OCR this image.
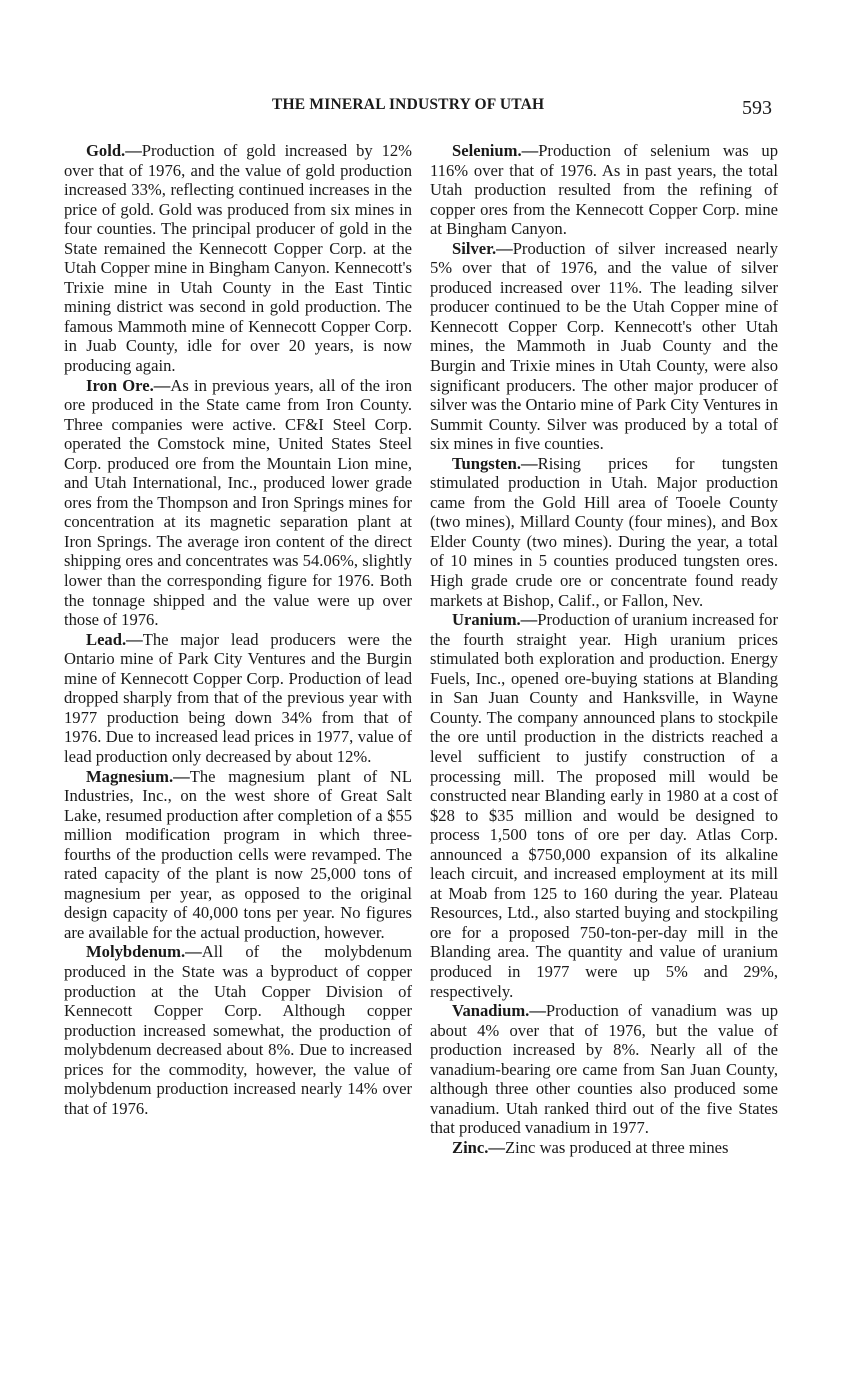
THE MINERAL INDUSTRY OF UTAH	593

Gold.—Production of gold increased by 12% over that of 1976, and the value of gold production increased 33%, reflecting continued increases in the price of gold. Gold was produced from six mines in four counties. The principal producer of gold in the State remained the Kennecott Copper Corp. at the Utah Copper mine in Bingham Canyon. Kennecott's Trixie mine in Utah County in the East Tintic mining district was second in gold production. The famous Mammoth mine of Kennecott Copper Corp. in Juab County, idle for over 20 years, is now producing again.

Iron Ore.—As in previous years, all of the iron ore produced in the State came from Iron County. Three companies were active. CF&I Steel Corp. operated the Comstock mine, United States Steel Corp. produced ore from the Mountain Lion mine, and Utah International, Inc., produced lower grade ores from the Thompson and Iron Springs mines for concentration at its magnetic separation plant at Iron Springs. The average iron content of the direct shipping ores and concentrates was 54.06%, slightly lower than the corresponding figure for 1976. Both the tonnage shipped and the value were up over those of 1976.

Lead.—The major lead producers were the Ontario mine of Park City Ventures and the Burgin mine of Kennecott Copper Corp. Production of lead dropped sharply from that of the previous year with 1977 production being down 34% from that of 1976. Due to increased lead prices in 1977, value of lead production only decreased by about 12%.

Magnesium.—The magnesium plant of NL Industries, Inc., on the west shore of Great Salt Lake, resumed production after completion of a $55 million modification program in which three-fourths of the production cells were revamped. The rated capacity of the plant is now 25,000 tons of magnesium per year, as opposed to the original design capacity of 40,000 tons per year. No figures are available for the actual production, however.

Molybdenum.—All of the molybdenum produced in the State was a byproduct of copper production at the Utah Copper Division of Kennecott Copper Corp. Although copper production increased somewhat, the production of molybdenum decreased about 8%. Due to increased prices for the commodity, however, the value of molybdenum production increased nearly 14% over that of 1976.

Selenium.—Production of selenium was up 116% over that of 1976. As in past years, the total Utah production resulted from the refining of copper ores from the Kennecott Copper Corp. mine at Bingham Canyon.

Silver.—Production of silver increased nearly 5% over that of 1976, and the value of silver produced increased over 11%. The leading silver producer continued to be the Utah Copper mine of Kennecott Copper Corp. Kennecott's other Utah mines, the Mammoth in Juab County and the Burgin and Trixie mines in Utah County, were also significant producers. The other major producer of silver was the Ontario mine of Park City Ventures in Summit County. Silver was produced by a total of six mines in five counties.

Tungsten.—Rising prices for tungsten stimulated production in Utah. Major production came from the Gold Hill area of Tooele County (two mines), Millard County (four mines), and Box Elder County (two mines). During the year, a total of 10 mines in 5 counties produced tungsten ores. High grade crude ore or concentrate found ready markets at Bishop, Calif., or Fallon, Nev.

Uranium.—Production of uranium increased for the fourth straight year. High uranium prices stimulated both exploration and production. Energy Fuels, Inc., opened ore-buying stations at Blanding in San Juan County and Hanksville, in Wayne County. The company announced plans to stockpile the ore until production in the districts reached a level sufficient to justify construction of a processing mill. The proposed mill would be constructed near Blanding early in 1980 at a cost of $28 to $35 million and would be designed to process 1,500 tons of ore per day. Atlas Corp. announced a $750,000 expansion of its alkaline leach circuit, and increased employment at its mill at Moab from 125 to 160 during the year. Plateau Resources, Ltd., also started buying and stockpiling ore for a proposed 750-ton-per-day mill in the Blanding area. The quantity and value of uranium produced in 1977 were up 5% and 29%, respectively.

Vanadium.—Production of vanadium was up about 4% over that of 1976, but the value of production increased by 8%. Nearly all of the vanadium-bearing ore came from San Juan County, although three other counties also produced some vanadium. Utah ranked third out of the five States that produced vanadium in 1977.

Zinc.—Zinc was produced at three mines
